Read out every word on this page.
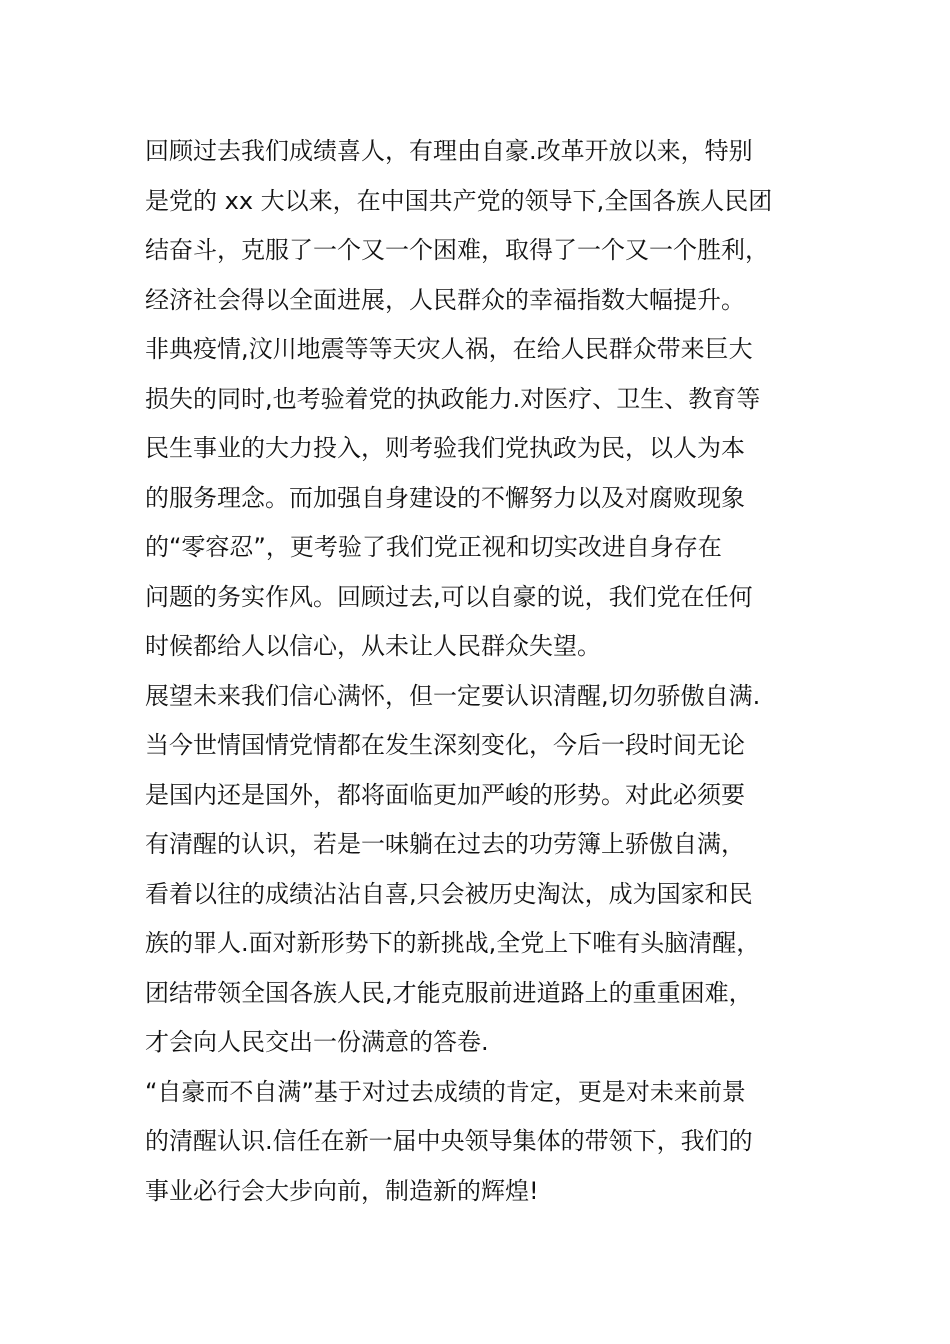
回顾过去我们成绩喜人，有理由自豪.改革开放以来，特别
是党的 xx 大以来，在中国共产党的领导下,全国各族人民团
结奋斗，克服了一个又一个困难，取得了一个又一个胜利，
经济社会得以全面进展，人民群众的幸福指数大幅提升。
非典疫情,汶川地震等等天灾人祸，在给人民群众带来巨大
损失的同时,也考验着党的执政能力.对医疗、卫生、教育等
民生事业的大力投入，则考验我们党执政为民，以人为本
的服务理念。而加强自身建设的不懈努力以及对腐败现象
的“零容忍”，更考验了我们党正视和切实改进自身存在
问题的务实作风。回顾过去,可以自豪的说，我们党在任何
时候都给人以信心，从未让人民群众失望。
展望未来我们信心满怀，但一定要认识清醒,切勿骄傲自满.
当今世情国情党情都在发生深刻变化，今后一段时间无论
是国内还是国外，都将面临更加严峻的形势。对此必须要
有清醒的认识，若是一味躺在过去的功劳簿上骄傲自满，
看着以往的成绩沾沾自喜,只会被历史淘汰，成为国家和民
族的罪人.面对新形势下的新挑战,全党上下唯有头脑清醒，
团结带领全国各族人民,才能克服前进道路上的重重困难，
才会向人民交出一份满意的答卷.
“自豪而不自满”基于对过去成绩的肯定，更是对未来前景
的清醒认识.信任在新一届中央领导集体的带领下，我们的
事业必行会大步向前，制造新的辉煌!
